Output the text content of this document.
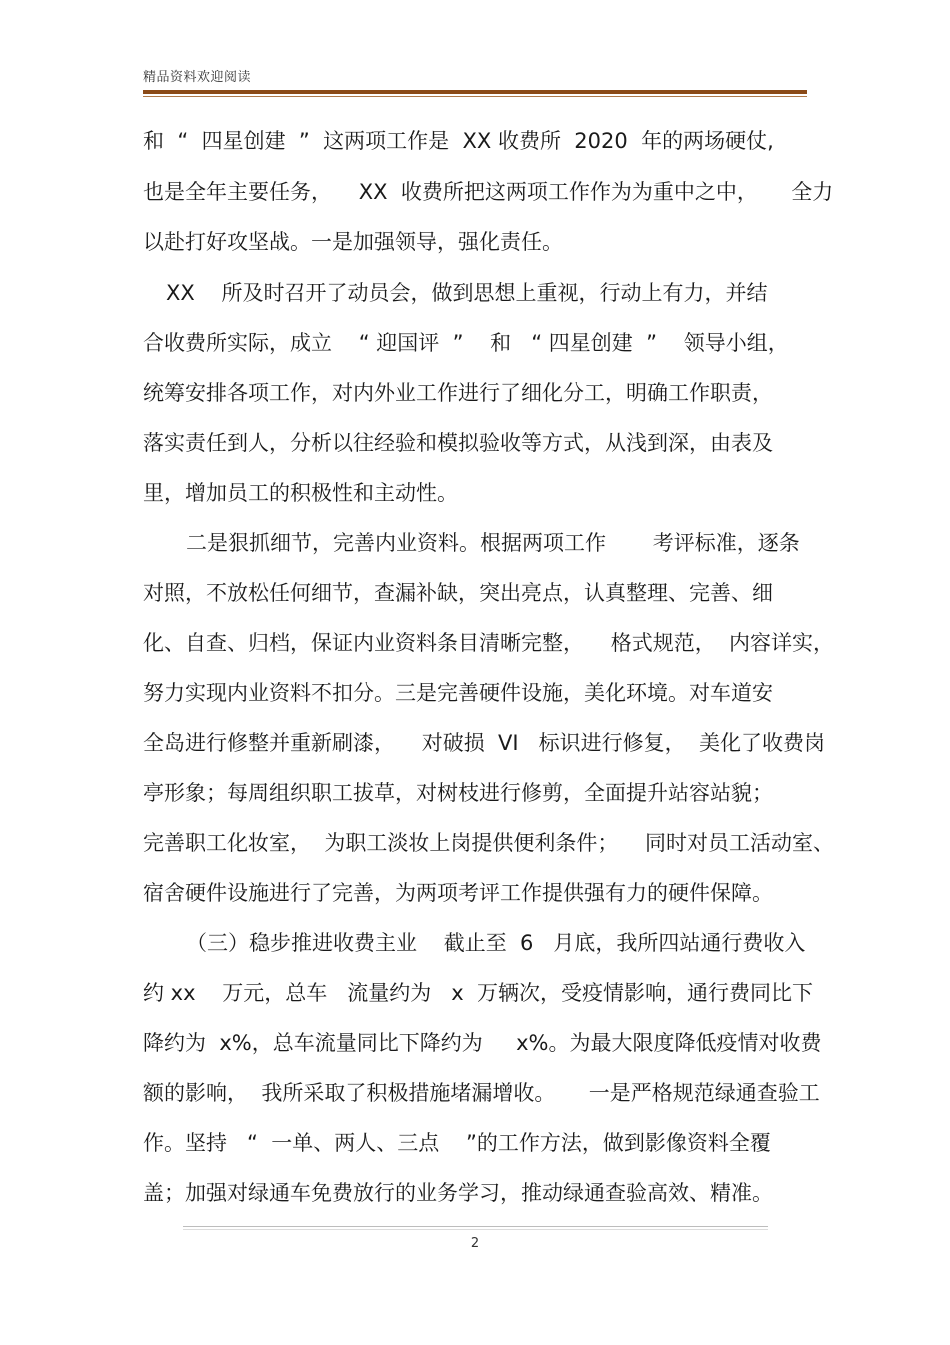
精品资料欢迎阅读
和  “  四星创建  ”  这两项工作是  XX 收费所  2020  年的两场硬仗,
也是全年主要任务，    XX  收费所把这两项工作作为为重中之中，     全力
以赴打好攻坚战。一是加强领导，强化责任。
XX    所及时召开了动员会，做到思想上重视，行动上有力，并结
合收费所实际，成立    “ 迎国评  ”    和   “ 四星创建  ”    领导小组，
统筹安排各项工作，对内外业工作进行了细化分工，明确工作职责，
落实责任到人，分析以往经验和模拟验收等方式，从浅到深，由表及
里，增加员工的积极性和主动性。
二是狠抓细节，完善内业资料。根据两项工作       考评标准，逐条
对照，不放松任何细节，查漏补缺，突出亮点，认真整理、完善、细
化、自查、归档，保证内业资料条目清晰完整，    格式规范，  内容详实，
努力实现内业资料不扣分。三是完善硬件设施，美化环境。对车道安
全岛进行修整并重新刷漆，    对破损  VI   标识进行修复，  美化了收费岗
亭形象；每周组织职工拔草，对树枝进行修剪，全面提升站容站貌；
完善职工化妆室，  为职工淡妆上岗提供便利条件；    同时对员工活动室、
宿舍硬件设施进行了完善，为两项考评工作提供强有力的硬件保障。
（三）稳步推进收费主业    截止至  6   月底，我所四站通行费收入
约 xx    万元，总车   流量约为   x  万辆次，受疫情影响，通行费同比下
降约为  x%，总车流量同比下降约为     x%。为最大限度降低疫情对收费
额的影响，  我所采取了积极措施堵漏增收。     一是严格规范绿通查验工
作。坚持   “  一单、两人、三点    ”的工作方法，做到影像资料全覆
盖；加强对绿通车免费放行的业务学习，推动绿通查验高效、精准。
2
